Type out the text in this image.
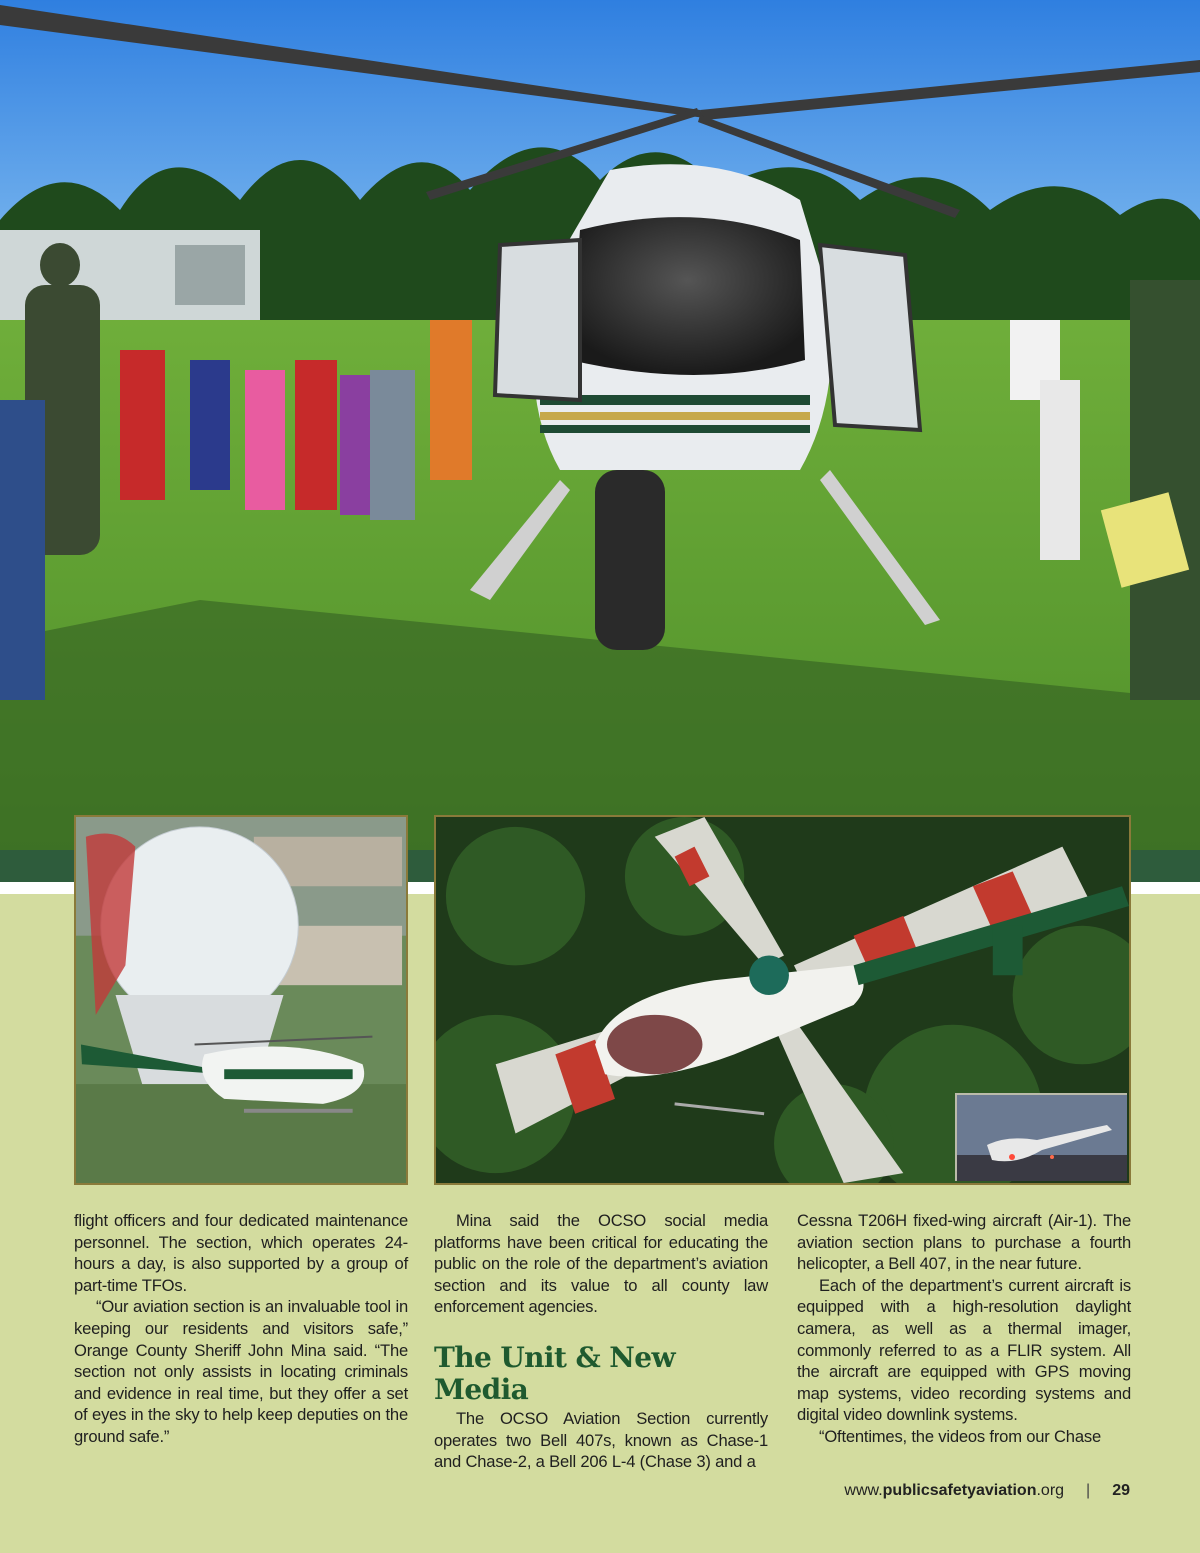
flight officers and four dedicated maintenance personnel. The section, which operates 24-hours a day, is also supported by a group of part-time TFOs.

“Our aviation section is an invaluable tool in keeping our residents and visitors safe,” Orange County Sheriff John Mina said. “The section not only assists in locating criminals and evidence in real time, but they offer a set of eyes in the sky to help keep deputies on the ground safe.”

Mina said the OCSO social media platforms have been critical for educating the public on the role of the department’s aviation section and its value to all county law enforcement agencies.

The Unit & New Media

The OCSO Aviation Section currently operates two Bell 407s, known as Chase-1 and Chase-2, a Bell 206 L-4 (Chase 3) and a

Cessna T206H fixed-wing aircraft (Air-1). The aviation section plans to purchase a fourth helicopter, a Bell 407, in the near future.

Each of the department’s current aircraft is equipped with a high-resolution daylight camera, as well as a thermal imager, commonly referred to as a FLIR system. All the aircraft are equipped with GPS moving map systems, video recording systems and digital video downlink systems.

“Oftentimes, the videos from our Chase

www.publicsafetyaviation.org | 29
